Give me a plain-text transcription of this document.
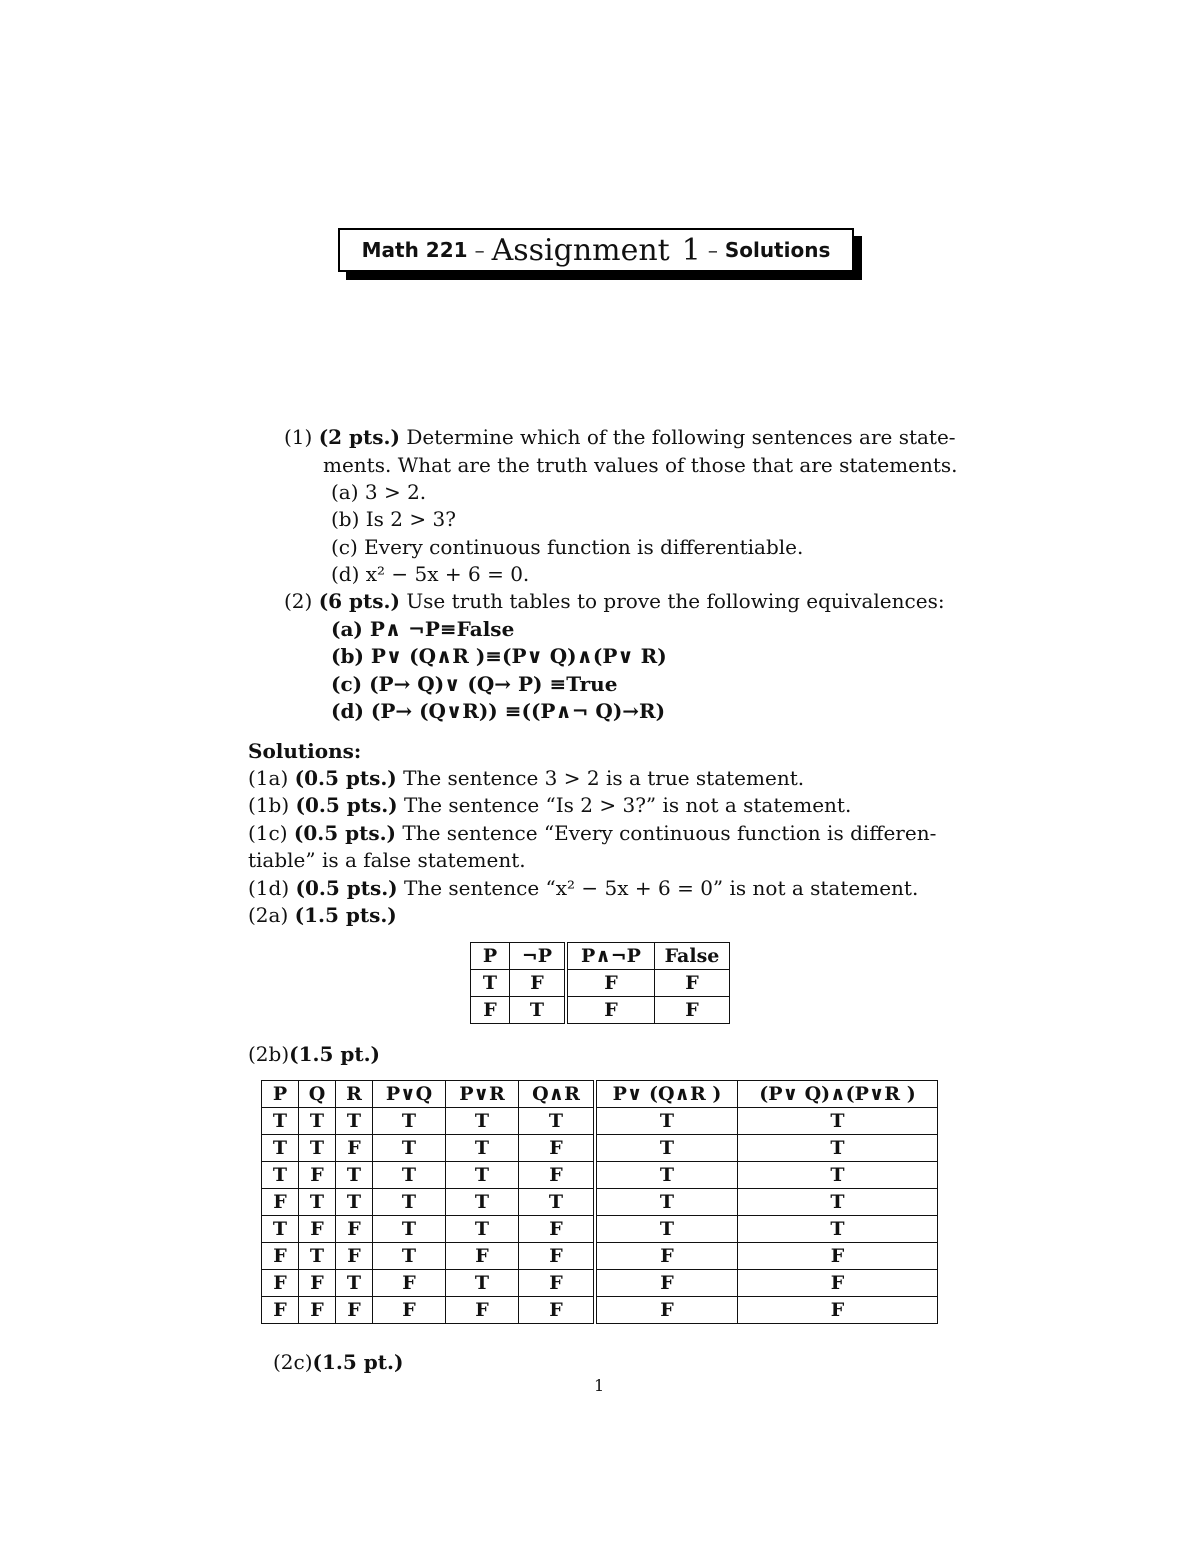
Math 221 – Assignment 1 – Solutions
(1) (2 pts.) Determine which of the following sentences are state-
ments. What are the truth values of those that are statements.
(a) 3 > 2.
(b) Is 2 > 3?
(c) Every continuous function is differentiable.
(d) x² − 5x + 6 = 0.
(2) (6 pts.) Use truth tables to prove the following equivalences:
(a) P∧ ¬P≡False
(b) P∨ (Q∧R )≡(P∨ Q)∧(P∨ R)
(c) (P→ Q)∨ (Q→ P) ≡True
(d) (P→ (Q∨R)) ≡((P∧¬ Q)→R)
Solutions:
(1a) (0.5 pts.) The sentence 3 > 2 is a true statement.
(1b) (0.5 pts.) The sentence “Is 2 > 3?” is not a statement.
(1c) (0.5 pts.) The sentence “Every continuous function is differen-
tiable” is a false statement.
(1d) (0.5 pts.) The sentence “x² − 5x + 6 = 0” is not a statement.
(2a) (1.5 pts.)
P	¬P	P∧¬P	False
T	F	F	F
F	T	F	F
(2b)(1.5 pt.)
P	Q	R	P∨Q	P∨R	Q∧R	P∨ (Q∧R )	(P∨ Q)∧(P∨R )
T	T	T	T	T	T	T	T
T	T	F	T	T	F	T	T
T	F	T	T	T	F	T	T
F	T	T	T	T	T	T	T
T	F	F	T	T	F	T	T
F	T	F	T	F	F	F	F
F	F	T	F	T	F	F	F
F	F	F	F	F	F	F	F
(2c)(1.5 pt.)
1
